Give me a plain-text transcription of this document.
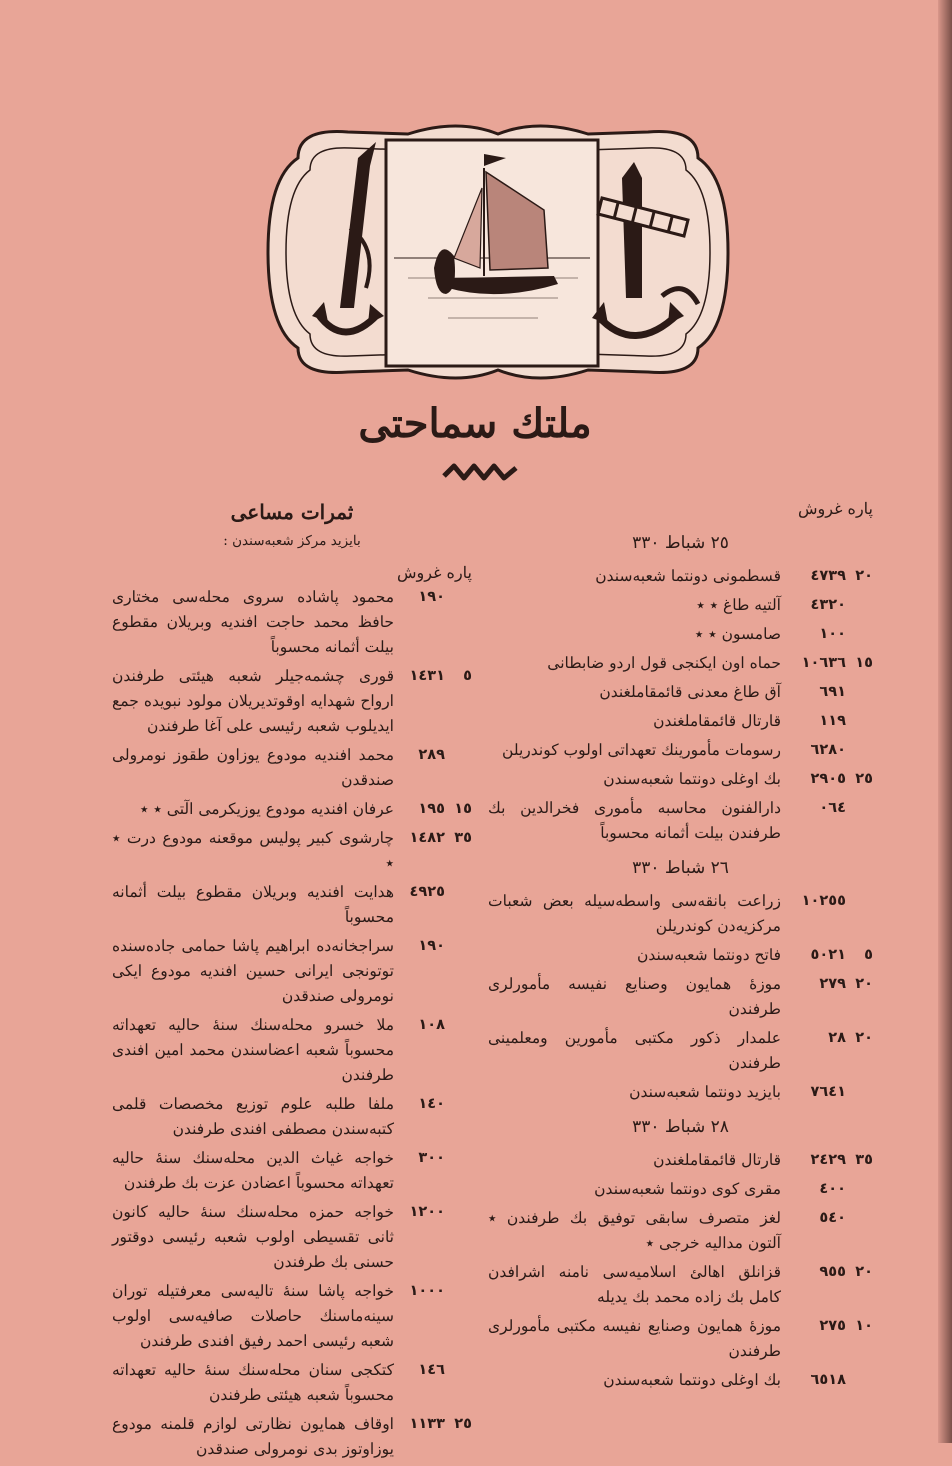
ملتك سماحتى
پاره غروش
٢٥ شباط ٣٣٠
٢٠ ٤٧٣٩
قسطمونى دونتما شعبه‌سندن
٤٣٢٠
آلتيه طاغ ٭ ٭
١٠٠
صامسون ٭ ٭
١٥ ١٠٦٣٦
حماه اون ايكنجى قول اردو ضابطانى
٦٩١
آق طاغ معدنى قائمقاملغندن
١١٩
قارتال قائمقاملغندن
٦٢٨٠
رسومات مأمورينك تعهداتى اولوب كوندريلن
٢٥ ٢٩٠٥
بك اوغلى دونتما شعبه‌سندن
٠٦٤
دارالفنون محاسبه مأمورى فخرالدين بك طرفندن بيلت أثمانه محسوباً
٢٦ شباط ٣٣٠
١٠٢٥٥
زراعت بانقه‌سى واسطه‌سيله بعض شعبات مركزيه‌دن كوندريلن
٥ ٥٠٢١
فاتح دونتما شعبه‌سندن
٢٠ ٢٧٩
موزهٔ همايون وصنايع نفيسه مأمورلرى طرفندن
٢٠ ٢٨
علمدار ذكور مكتبى مأمورين ومعلمينى طرفندن
٧٦٤١
بايزيد دونتما شعبه‌سندن
٢٨ شباط ٣٣٠
٣٥ ٢٤٢٩
قارتال قائمقاملغندن
٤٠٠
مقرى كوى دونتما شعبه‌سندن
٥٤٠
لغز متصرف سابقى توفيق بك طرفندن ٭ آلتون مداليه خرجى ٭
٢٠ ٩٥٥
قزانلق اهالئ اسلاميه‌سى نامنه اشرافدن كامل بك زاده محمد بك يديله
١٠ ٢٧٥
موزهٔ همايون وصنايع نفيسه مكتبى مأمورلرى طرفندن
٦٥١٨
بك اوغلى دونتما شعبه‌سندن
ثمرات مساعى
بايزيد مركز شعبه‌سندن :
پاره غروش
١٩٠
محمود پاشاده سروى محله‌سى مختارى حافظ محمد حاجت افنديه وبريلان مقطوع بيلت أثمانه محسوباً
٥ ١٤٣١
قورى چشمه‌جيلر شعبه هيئتى طرفندن ارواح شهدايه اوقوتديريلان مولود نبويده جمع ايديلوب شعبه رئيسى على آغا طرفندن
٢٨٩
محمد افنديه مودوع يوزاون طقوز نومرولى صندقدن
١٥ ١٩٥
عرفان افنديه مودوع يوزيكرمى الٓتى ٭ ٭
٣٥ ١٤٨٢
چارشوى كبير پوليس موقعنه مودوع درت ٭ ٭
٤٩٢٥
هدايت افنديه وبريلان مقطوع بيلت أثمانه محسوباً
١٩٠
سراجخانه‌ده ابراهيم پاشا حمامى جاده‌سنده توتونجى ايرانى حسين افنديه مودوع ايكى نومرولى صندقدن
١٠٨
ملا خسرو محله‌سنك سنهٔ حاليه تعهداته محسوباً شعبه اعضاسندن محمد امين افندى طرفندن
١٤٠
ملفا طلبه علوم توزيع مخصصات قلمى كتبه‌سندن مصطفى افندى طرفندن
٣٠٠
خواجه غياث الدين محله‌سنك سنهٔ حاليه تعهداته محسوباً اعضادن عزت بك طرفندن
١٢٠٠
خواجه حمزه محله‌سنك سنهٔ حاليه كانون ثانى تقسيطى اولوب شعبه رئيسى دوقتور حسنى بك طرفندن
١٠٠٠
خواجه پاشا سنهٔ تاليه‌سى معرفتيله توران سينه‌ماسنك حاصلات صافيه‌سى اولوب شعبه رئيسى احمد رفيق افندى طرفندن
١٤٦
كتكجى سنان محله‌سنك سنهٔ حاليه تعهداته محسوباً شعبه هيئتى طرفندن
٢٥ ١١٣٣
اوقاف همايون نظارتى لوازم قلمنه مودوع يوزاوتوز بدى نومرولى صندقدن
